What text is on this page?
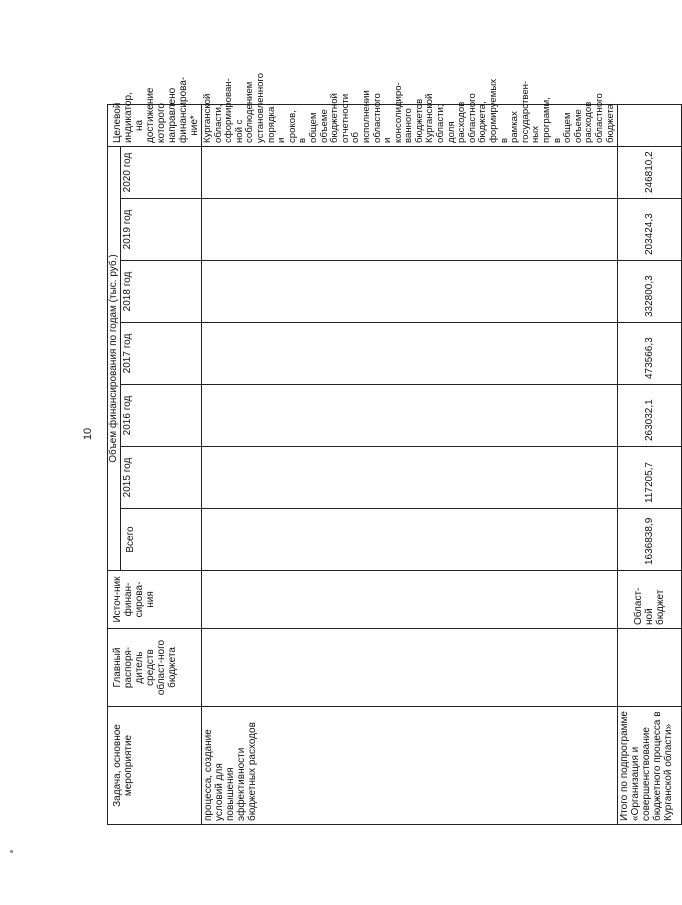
10
Задача, основное мероприятие	Главный распоря-дитель средств област-ного бюджета	Источ-ник финан-сирова-ния	Объем финансирования по годам (тыс. руб.)							Целевой индикатор, на достижение которого направлено финансирова-ние*
			Всего	2015 год	2016 год	2017 год	2018 год	2019 год	2020 год	
процесса, создание условий для повышения эффективности бюджетных расходов										Курганской области, сформирован-ной с соблюдением установленного порядка и сроков, в общем объеме бюджетной отчетности об исполнении областного и консолидиро-ванного бюджетов Курганской области; доля расходов областного бюджета, формируемых в рамках государствен-ных программ, в общем объеме расходов областного бюджета
Итого по подпрограмме «Организация и совершенствование бюджетного процесса в Курганской области»		Област-ной бюджет	1636838,9	117205,7	263032,1	473566,3	332800,3	203424,3	246810,2	
